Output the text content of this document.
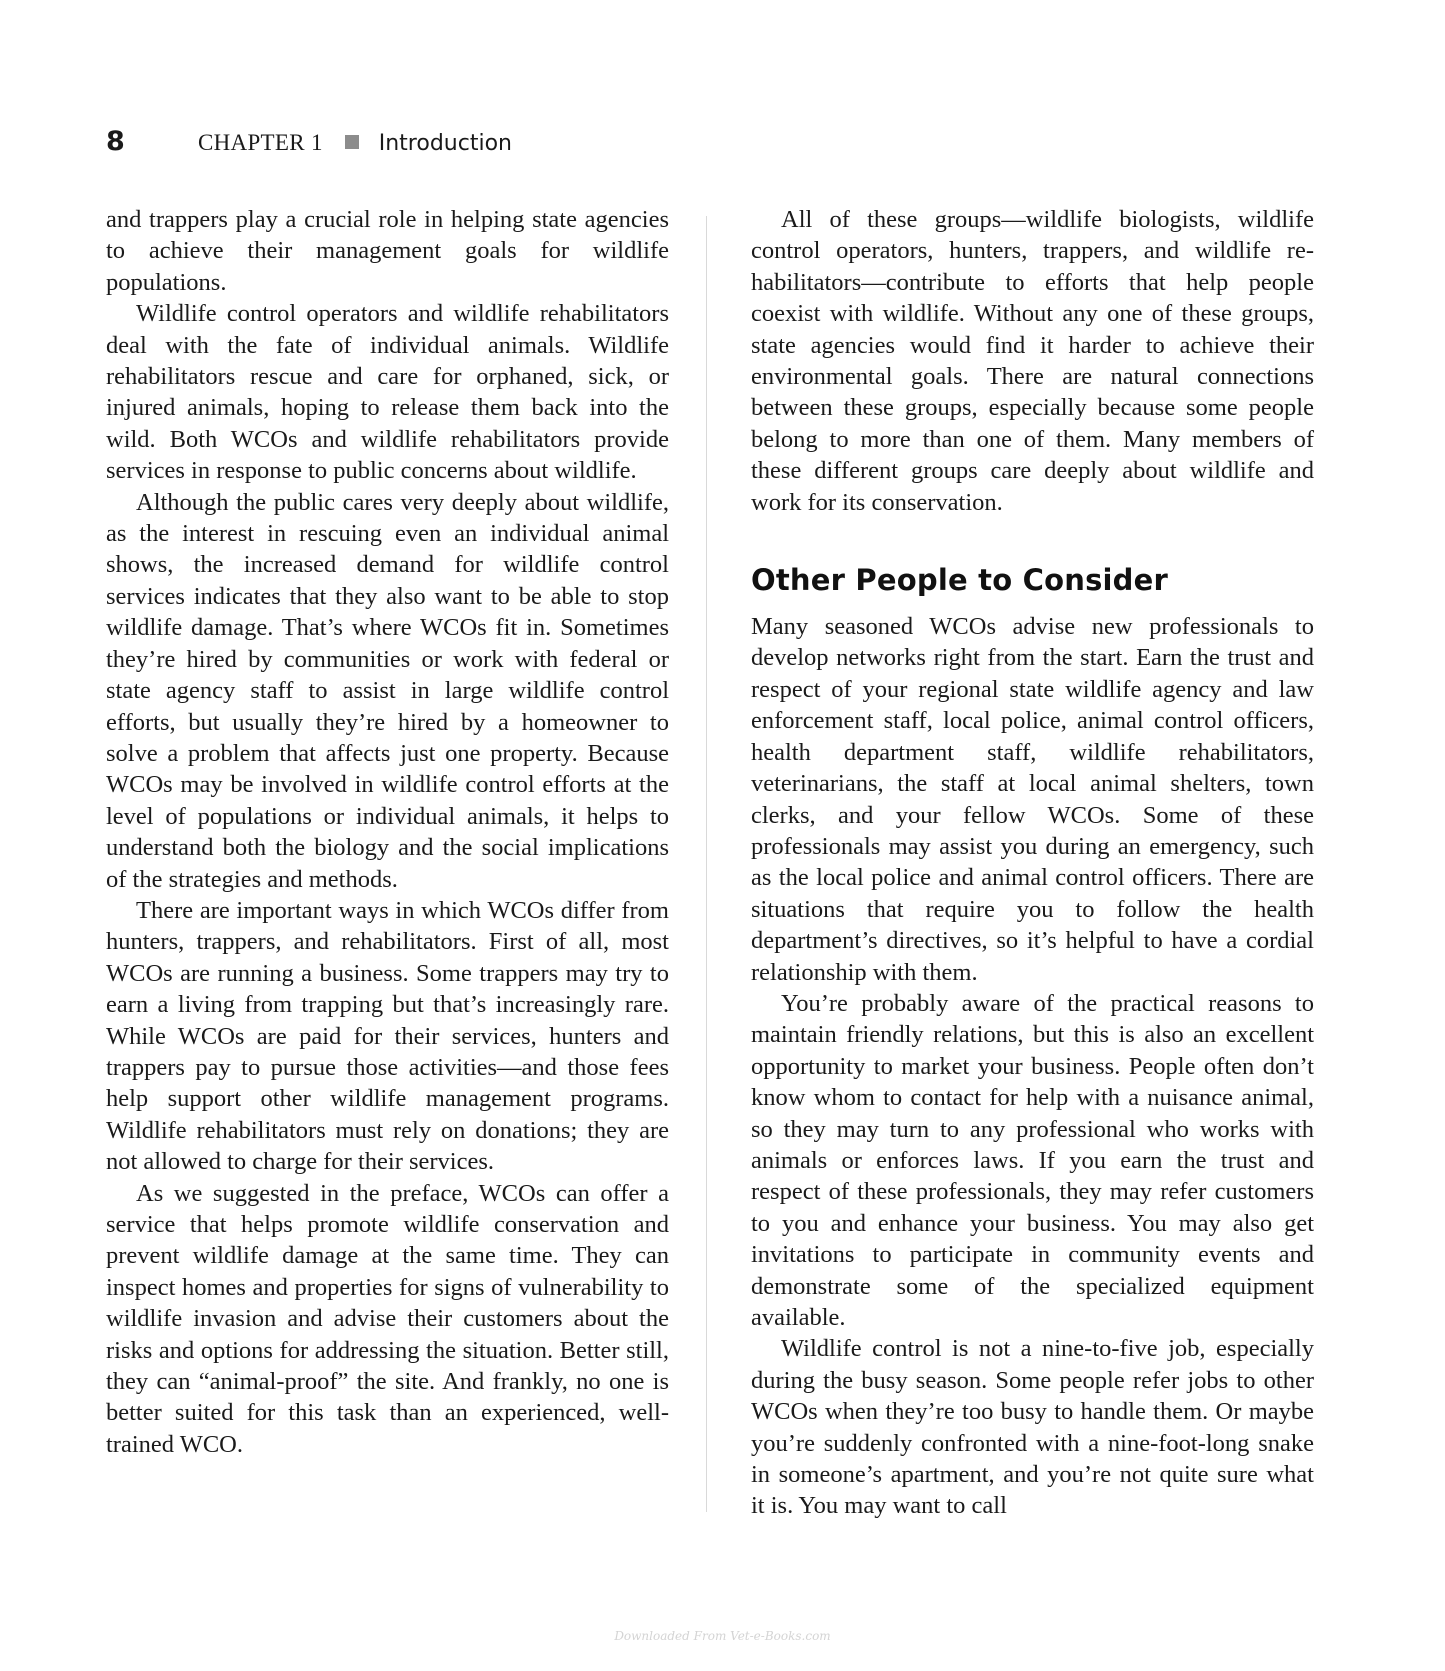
8	CHAPTER 1	Introduction

and trappers play a crucial role in helping state agencies to achieve their management goals for wildlife populations.

Wildlife control operators and wildlife rehabilitators deal with the fate of individual animals. Wildlife rehabilitators rescue and care for orphaned, sick, or injured animals, hoping to release them back into the wild. Both WCOs and wildlife rehabilitators provide services in response to public concerns about wildlife.

Although the public cares very deeply about wildlife, as the interest in rescuing even an individual animal shows, the increased demand for wildlife control services indicates that they also want to be able to stop wildlife damage. That’s where WCOs fit in. Sometimes they’re hired by communities or work with federal or state agency staff to assist in large wildlife control efforts, but usually they’re hired by a homeowner to solve a problem that affects just one property. Because WCOs may be involved in wildlife control efforts at the level of populations or individual animals, it helps to understand both the biology and the social implications of the strategies and methods.

There are important ways in which WCOs differ from hunters, trappers, and rehabilitators. First of all, most WCOs are running a business. Some trappers may try to earn a living from trapping but that’s increasingly rare. While WCOs are paid for their services, hunters and trappers pay to pursue those activities—and those fees help support other wildlife management programs. Wildlife rehabilitators must rely on donations; they are not allowed to charge for their services.

As we suggested in the preface, WCOs can offer a service that helps promote wildlife conservation and prevent wildlife damage at the same time. They can inspect homes and properties for signs of vulnerability to wildlife invasion and advise their customers about the risks and options for addressing the situation. Better still, they can “animal-proof” the site. And frankly, no one is better suited for this task than an experienced, well-trained WCO.

All of these groups—wildlife biologists, wildlife control operators, hunters, trappers, and wildlife rehabilitators—contribute to efforts that help people coexist with wildlife. Without any one of these groups, state agencies would find it harder to achieve their environmental goals. There are natural connections between these groups, especially because some people belong to more than one of them. Many members of these different groups care deeply about wildlife and work for its conservation.

Other People to Consider

Many seasoned WCOs advise new professionals to develop networks right from the start. Earn the trust and respect of your regional state wildlife agency and law enforcement staff, local police, animal control officers, health department staff, wildlife rehabilitators, veterinarians, the staff at local animal shelters, town clerks, and your fellow WCOs. Some of these professionals may assist you during an emergency, such as the local police and animal control officers. There are situations that require you to follow the health department’s directives, so it’s helpful to have a cordial relationship with them.

You’re probably aware of the practical reasons to maintain friendly relations, but this is also an excellent opportunity to market your business. People often don’t know whom to contact for help with a nuisance animal, so they may turn to any professional who works with animals or enforces laws. If you earn the trust and respect of these professionals, they may refer customers to you and enhance your business. You may also get invitations to participate in community events and demonstrate some of the specialized equipment available.

Wildlife control is not a nine-to-five job, especially during the busy season. Some people refer jobs to other WCOs when they’re too busy to handle them. Or maybe you’re suddenly confronted with a nine-foot-long snake in someone’s apartment, and you’re not quite sure what it is. You may want to call

Downloaded From Vet-e-Books.com
